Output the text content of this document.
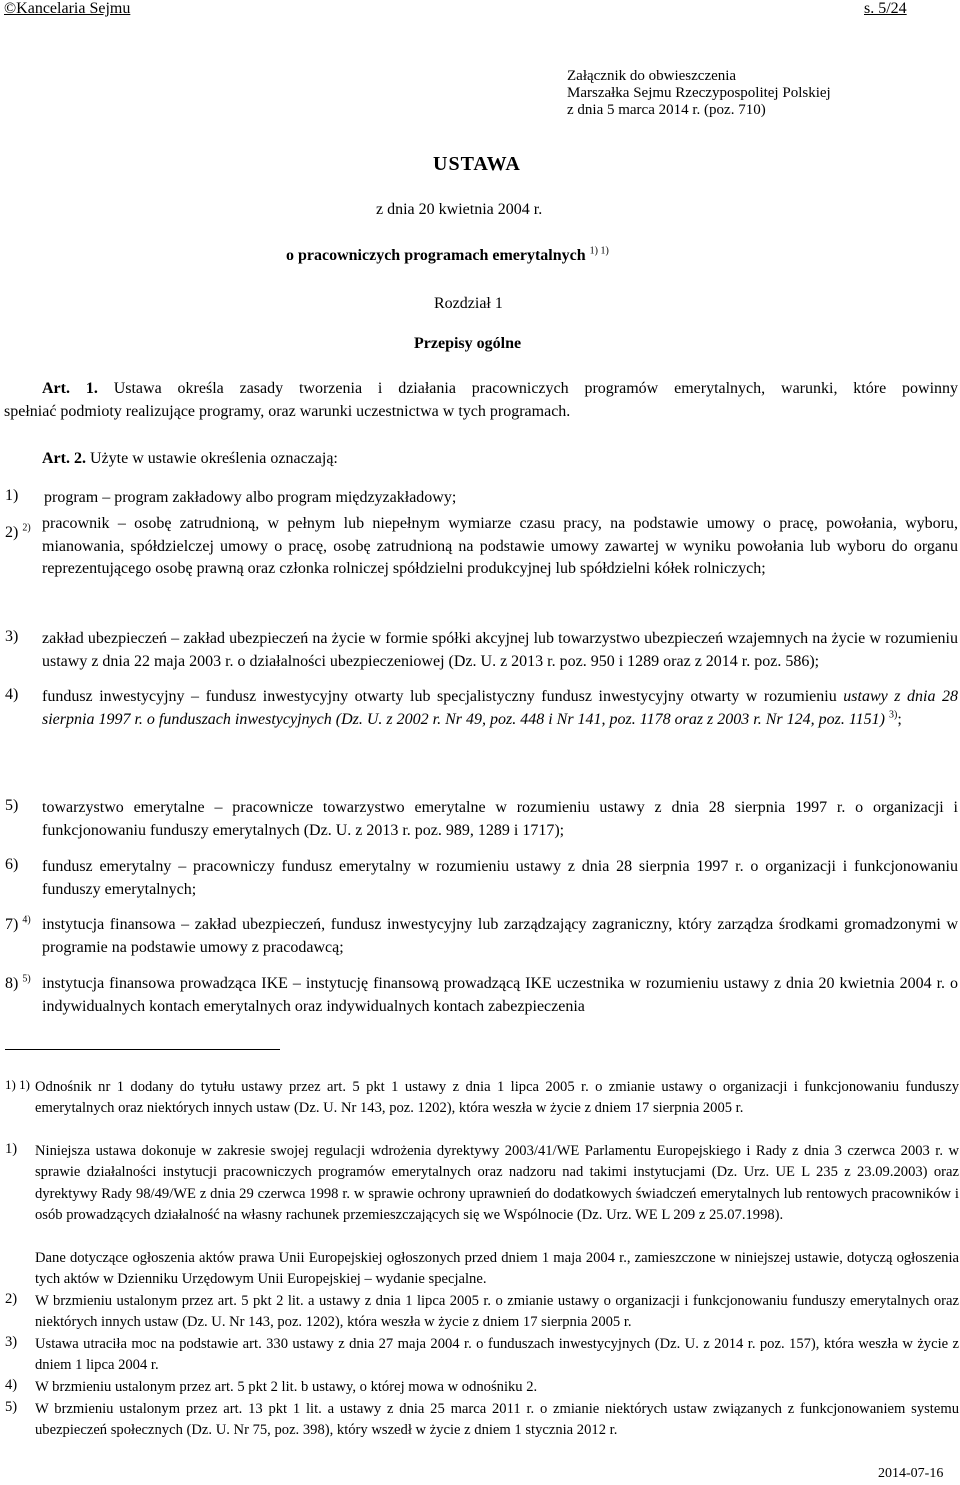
©Kancelaria Sejmu	s. 5/24
Załącznik do obwieszczenia
Marszałka Sejmu Rzeczypospolitej Polskiej
z dnia 5 marca 2014 r. (poz. 710)
USTAWA
z dnia 20 kwietnia 2004 r.
o pracowniczych programach emerytalnych $^{1) 1)}$
Rozdział 1
Przepisy ogólne
Art. 1. Ustawa określa zasady tworzenia i działania pracowniczych programów emerytalnych, warunki, które powinny
spełniać podmioty realizujące programy, oraz warunki uczestnictwa w tych programach.
Art. 2. Użyte w ustawie określenia oznaczają:
1) program – program zakładowy albo program międzyzakładowy;
2) $^{2)}$ pracownik – osobę zatrudnioną, w pełnym lub niepełnym wymiarze czasu pracy, na podstawie umowy o pracę, powołania, wyboru, mianowania, spółdzielczej umowy o pracę, osobę zatrudnioną na podstawie umowy zawartej w wyniku powołania lub wyboru do organu reprezentującego osobę prawną oraz członka rolniczej spółdzielni produkcyjnej lub spółdzielni kółek rolniczych;
3) zakład ubezpieczeń – zakład ubezpieczeń na życie w formie spółki akcyjnej lub towarzystwo ubezpieczeń wzajemnych na życie w rozumieniu ustawy z dnia 22 maja 2003 r. o działalności ubezpieczeniowej (Dz. U. z 2013 r. poz. 950 i 1289 oraz z 2014 r. poz. 586);
4) fundusz inwestycyjny – fundusz inwestycyjny otwarty lub specjalistyczny fundusz inwestycyjny otwarty w rozumieniu ustawy z dnia 28 sierpnia 1997 r. o funduszach inwestycyjnych (Dz. U. z 2002 r. Nr 49, poz. 448 i Nr 141, poz. 1178 oraz z 2003 r. Nr 124, poz. 1151) $^{3)}$;
5) towarzystwo emerytalne – pracownicze towarzystwo emerytalne w rozumieniu ustawy z dnia 28 sierpnia 1997 r. o organizacji i funkcjonowaniu funduszy emerytalnych (Dz. U. z 2013 r. poz. 989, 1289 i 1717);
6) fundusz emerytalny – pracowniczy fundusz emerytalny w rozumieniu ustawy z dnia 28 sierpnia 1997 r. o organizacji i funkcjonowaniu funduszy emerytalnych;
7) $^{4)}$ instytucja finansowa – zakład ubezpieczeń, fundusz inwestycyjny lub zarządzający zagraniczny, który zarządza środkami gromadzonymi w programie na podstawie umowy z pracodawcą;
8) $^{5)}$ instytucja finansowa prowadząca IKE – instytucję finansową prowadzącą IKE uczestnika w rozumieniu ustawy z dnia 20 kwietnia 2004 r. o indywidualnych kontach emerytalnych oraz indywidualnych kontach zabezpieczenia
1) 1) Odnośnik nr 1 dodany do tytułu ustawy przez art. 5 pkt 1 ustawy z dnia 1 lipca 2005 r. o zmianie ustawy o organizacji i funkcjonowaniu funduszy emerytalnych oraz niektórych innych ustaw (Dz. U. Nr 143, poz. 1202), która weszła w życie z dniem 17 sierpnia 2005 r.
1) Niniejsza ustawa dokonuje w zakresie swojej regulacji wdrożenia dyrektywy 2003/41/WE Parlamentu Europejskiego i Rady z dnia 3 czerwca 2003 r. w sprawie działalności instytucji pracowniczych programów emerytalnych oraz nadzoru nad takimi instytucjami (Dz. Urz. UE L 235 z 23.09.2003) oraz dyrektywy Rady 98/49/WE z dnia 29 czerwca 1998 r. w sprawie ochrony uprawnień do dodatkowych świadczeń emerytalnych lub rentowych pracowników i osób prowadzących działalność na własny rachunek przemieszczających się we Wspólnocie (Dz. Urz. WE L 209 z 25.07.1998).
Dane dotyczące ogłoszenia aktów prawa Unii Europejskiej ogłoszonych przed dniem 1 maja 2004 r., zamieszczone w niniejszej ustawie, dotyczą ogłoszenia tych aktów w Dzienniku Urzędowym Unii Europejskiej – wydanie specjalne.
2) W brzmieniu ustalonym przez art. 5 pkt 2 lit. a ustawy z dnia 1 lipca 2005 r. o zmianie ustawy o organizacji i funkcjonowaniu funduszy emerytalnych oraz niektórych innych ustaw (Dz. U. Nr 143, poz. 1202), która weszła w życie z dniem 17 sierpnia 2005 r.
3) Ustawa utraciła moc na podstawie art. 330 ustawy z dnia 27 maja 2004 r. o funduszach inwestycyjnych (Dz. U. z 2014 r. poz. 157), która weszła w życie z dniem 1 lipca 2004 r.
4) W brzmieniu ustalonym przez art. 5 pkt 2 lit. b ustawy, o której mowa w odnośniku 2.
5) W brzmieniu ustalonym przez art. 13 pkt 1 lit. a ustawy z dnia 25 marca 2011 r. o zmianie niektórych ustaw związanych z funkcjonowaniem systemu ubezpieczeń społecznych (Dz. U. Nr 75, poz. 398), który wszedł w życie z dniem 1 stycznia 2012 r.
2014-07-16
